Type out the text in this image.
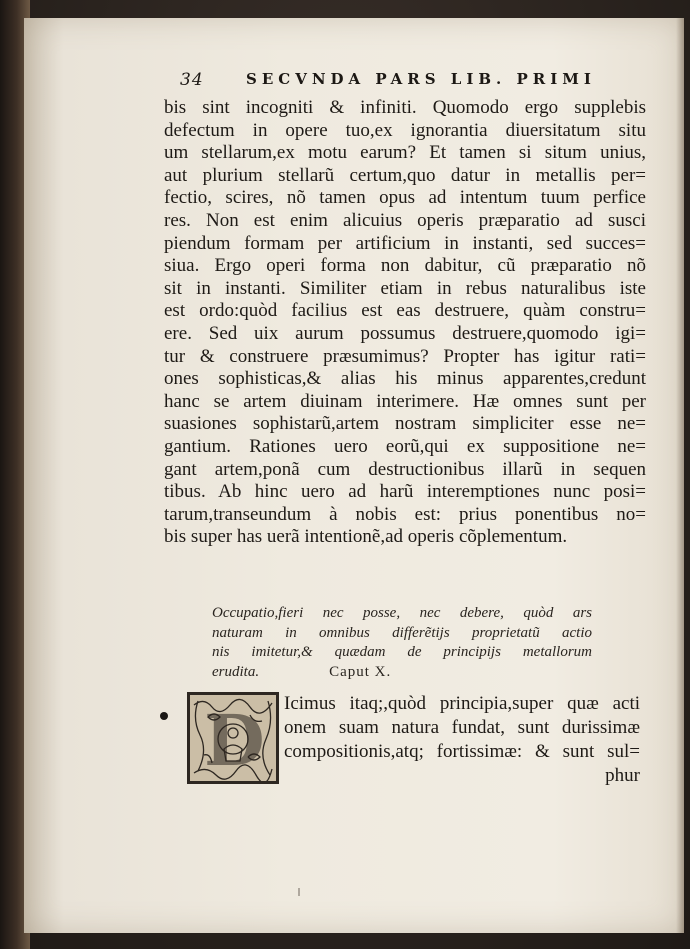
34	SECVNDA PARS LIB. PRIMI
bis sint incogniti & infiniti. Quomodo ergo supplebis
defectum in opere tuo,ex ignorantia diuersitatum situ
um stellarum,ex motu earum? Et tamen si situm unius,
aut plurium stellarũ certum,quo datur in metallis per=
fectio, scires, nõ tamen opus ad intentum tuum perfice
res. Non est enim alicuius operis præparatio ad susci
piendum formam per artificium in instanti, sed succes=
siua. Ergo operi forma non dabitur, cũ præparatio nõ
sit in instanti. Similiter etiam in rebus naturalibus iste
est ordo:quòd facilius est eas destruere, quàm constru=
ere. Sed uix aurum possumus destruere,quomodo igi=
tur & construere præsumimus? Propter has igitur rati=
ones sophisticas,& alias his minus apparentes,credunt
hanc se artem diuinam interimere. Hæ omnes sunt per
suasiones sophistarũ,artem nostram simpliciter esse ne=
gantium. Rationes uero eorũ,qui ex suppositione ne=
gant artem,ponã cum destructionibus illarũ in sequen
tibus. Ab hinc uero ad harũ interemptiones nunc posi=
tarum,transeundum à nobis est: prius ponentibus no=
bis super has uerã intentionẽ,ad operis cõplementum.
Occupatio,fieri nec posse, nec debere, quòd ars
naturam in omnibus differẽtijs proprietatũ actio
nis imitetur,& quædam de principijs metallorum
erudita.	Caput X.
D Icimus itaq;,quòd principia,super quæ acti
onem suam natura fundat, sunt durissimæ
compositionis,atq; fortissimæ: & sunt sul=
phur
